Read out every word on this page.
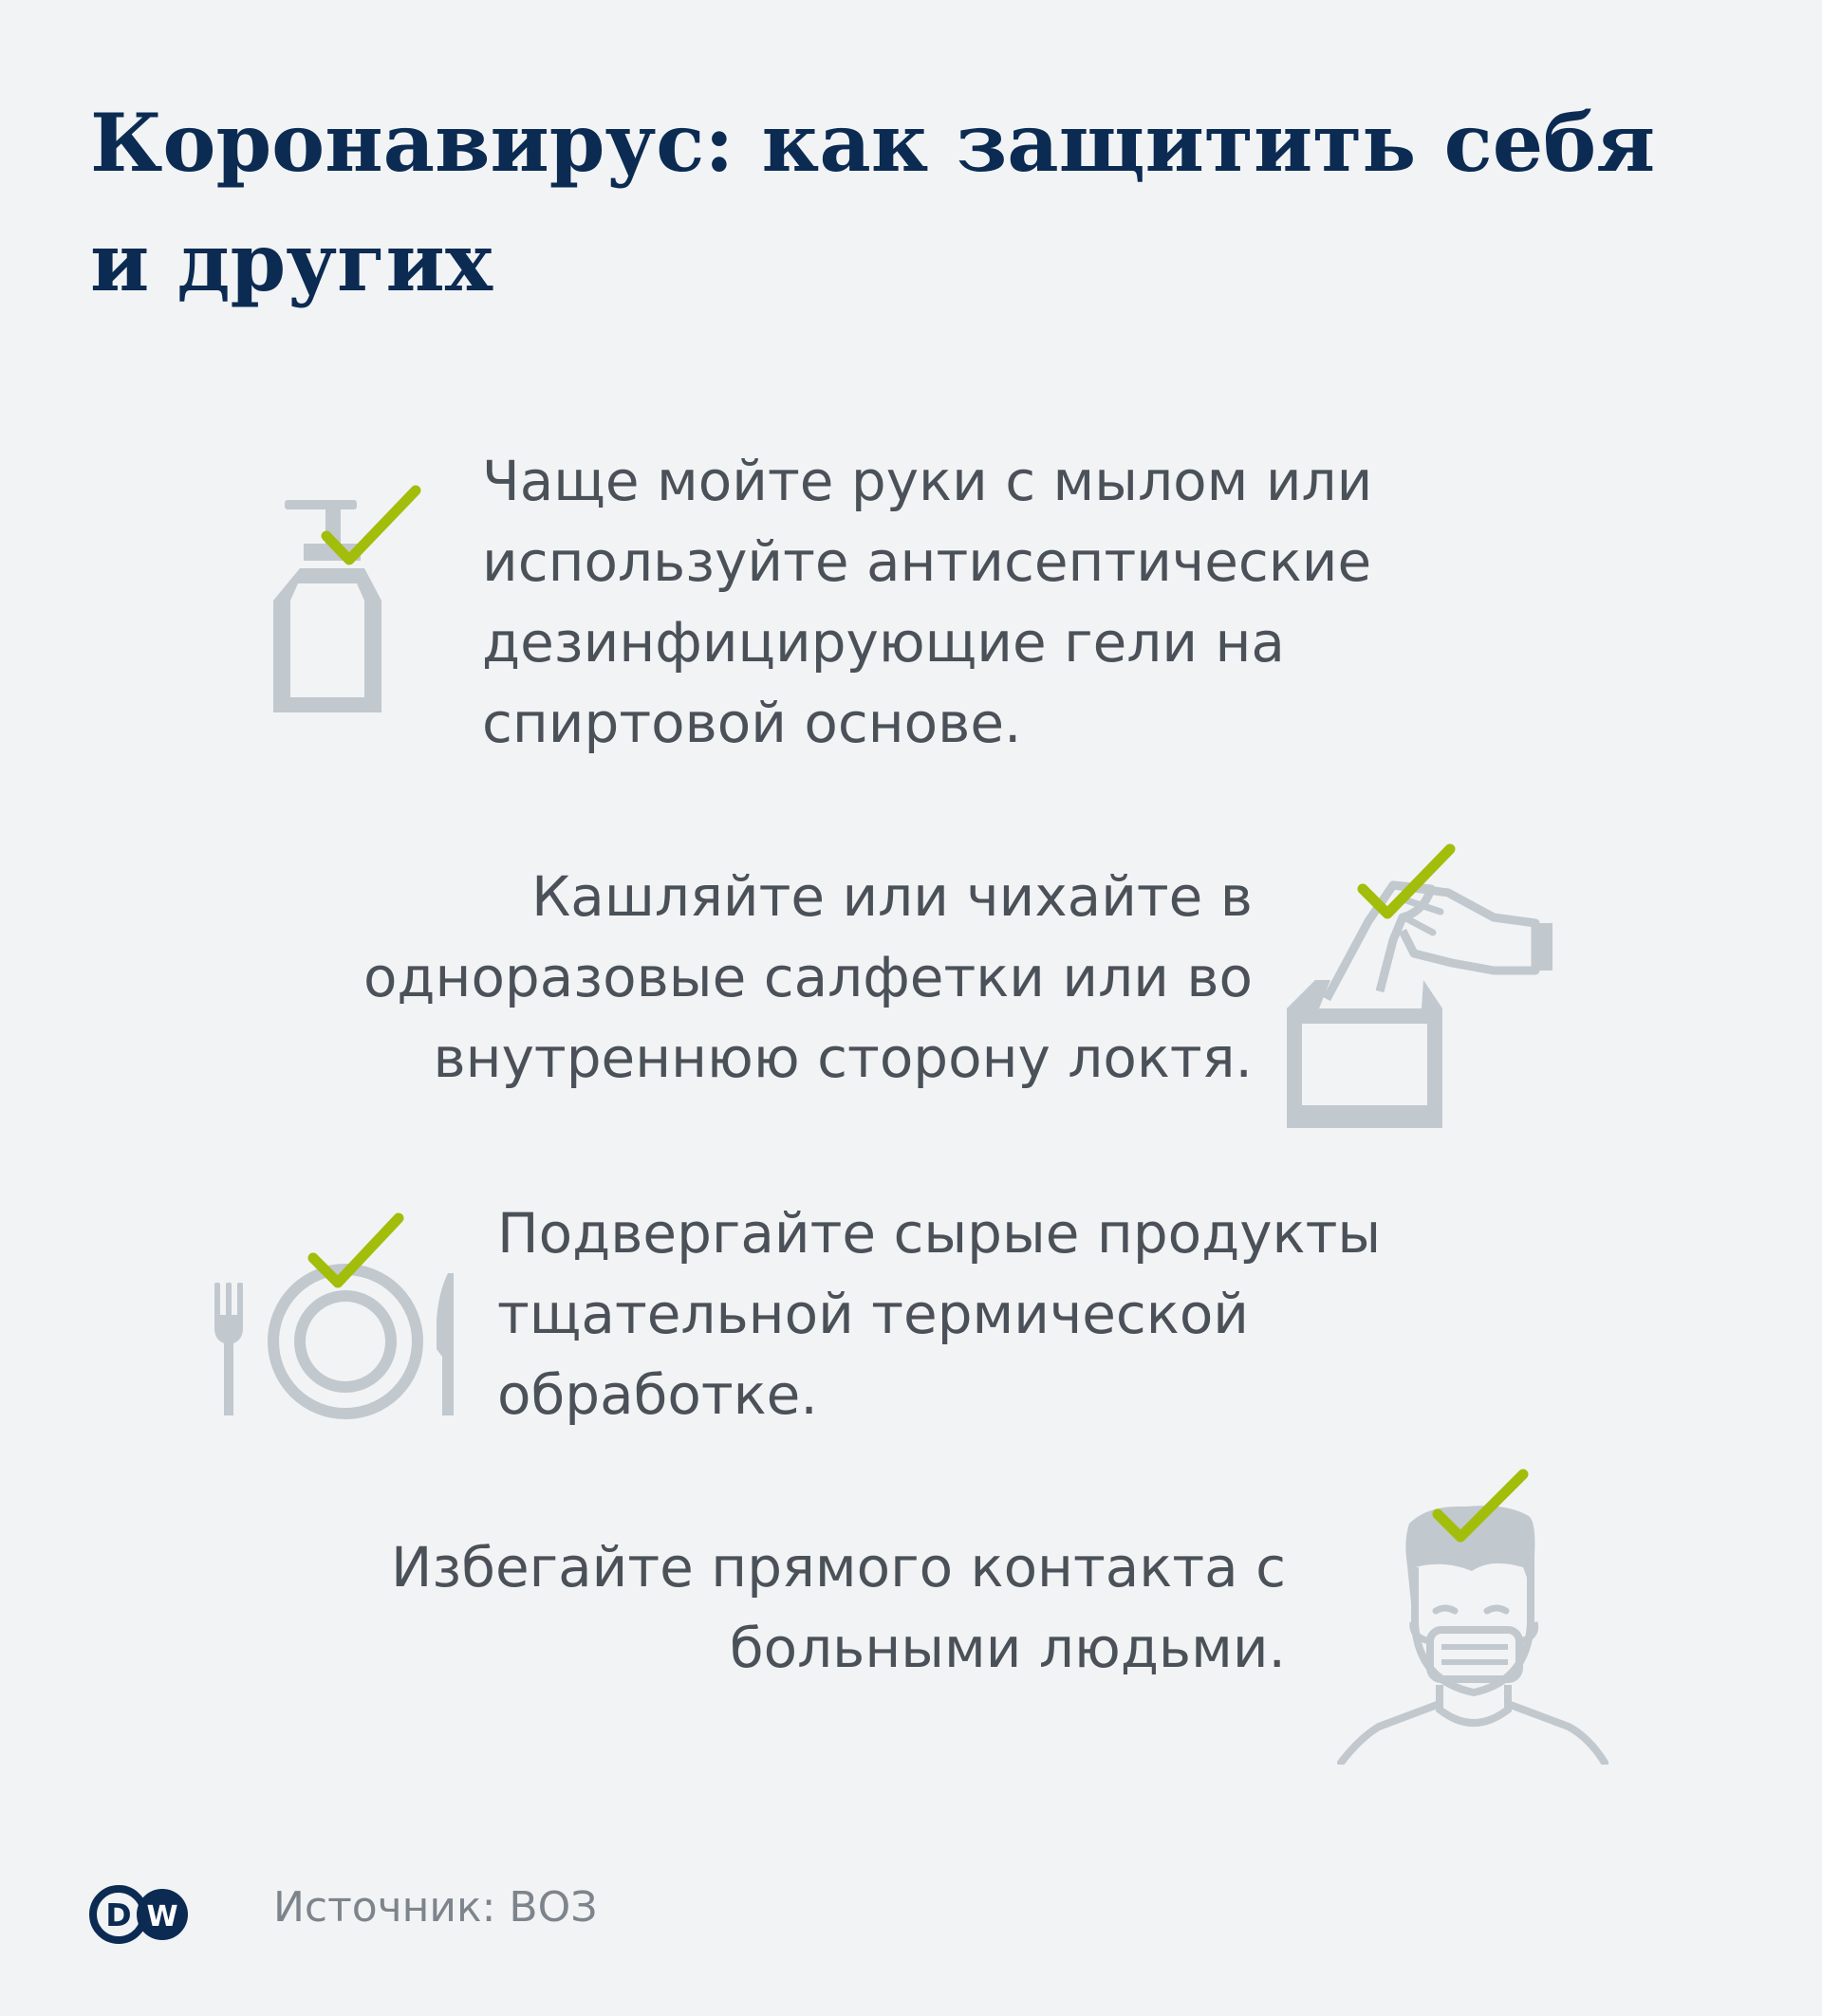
Коронавирус: как защитить себя и других

Чаще мойте руки с мылом или используйте антисептические дезинфицирующие гели на спиртовой основе.

Кашляйте или чихайте в одноразовые салфетки или во внутреннюю сторону локтя.

Подвергайте сырые продукты тщательной термической обработке.

Избегайте прямого контакта с больными людьми.

D W Источник: ВОЗ
